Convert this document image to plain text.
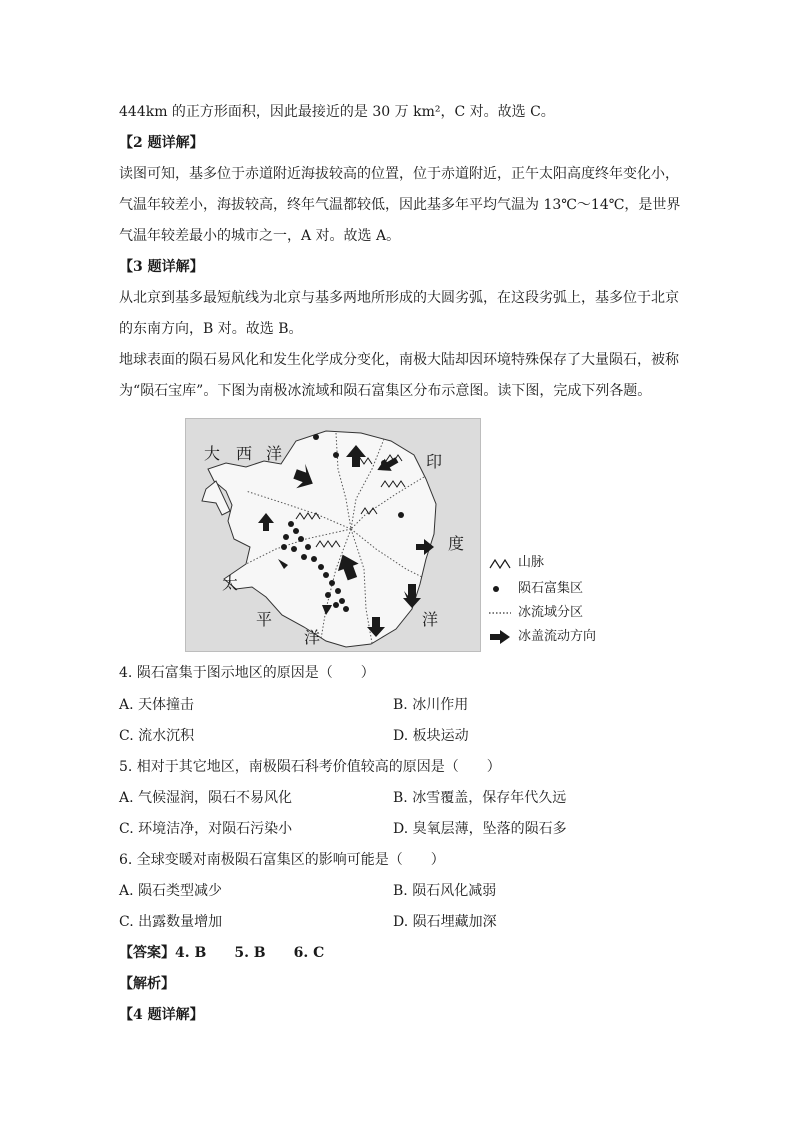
444km 的正方形面积，因此最接近的是 30 万 km²，C 对。故选 C。
【2 题详解】
读图可知，基多位于赤道附近海拔较高的位置，位于赤道附近，正午太阳高度终年变化小，
气温年较差小，海拔较高，终年气温都较低，因此基多年平均气温为 13℃～14℃，是世界
气温年较差最小的城市之一，A 对。故选 A。
【3 题详解】
从北京到基多最短航线为北京与基多两地所形成的大圆劣弧，在这段劣弧上，基多位于北京
的东南方向，B 对。故选 B。
地球表面的陨石易风化和发生化学成分变化，南极大陆却因环境特殊保存了大量陨石，被称
为“陨石宝库”。下图为南极冰流域和陨石富集区分布示意图。读下图，完成下列各题。
大 西 洋	印
度
洋
太
平
洋
山脉
陨石富集区
冰流域分区
冰盖流动方向
4. 陨石富集于图示地区的原因是（　　）
A. 天体撞击	B. 冰川作用
C. 流水沉积	D. 板块运动
5. 相对于其它地区，南极陨石科考价值较高的原因是（　　）
A. 气候湿润，陨石不易风化	B. 冰雪覆盖，保存年代久远
C. 环境洁净，对陨石污染小	D. 臭氧层薄，坠落的陨石多
6. 全球变暖对南极陨石富集区的影响可能是（　　）
A. 陨石类型减少	B. 陨石风化减弱
C. 出露数量增加	D. 陨石埋藏加深
【答案】4. B　　5. B　　6. C
【解析】
【4 题详解】
